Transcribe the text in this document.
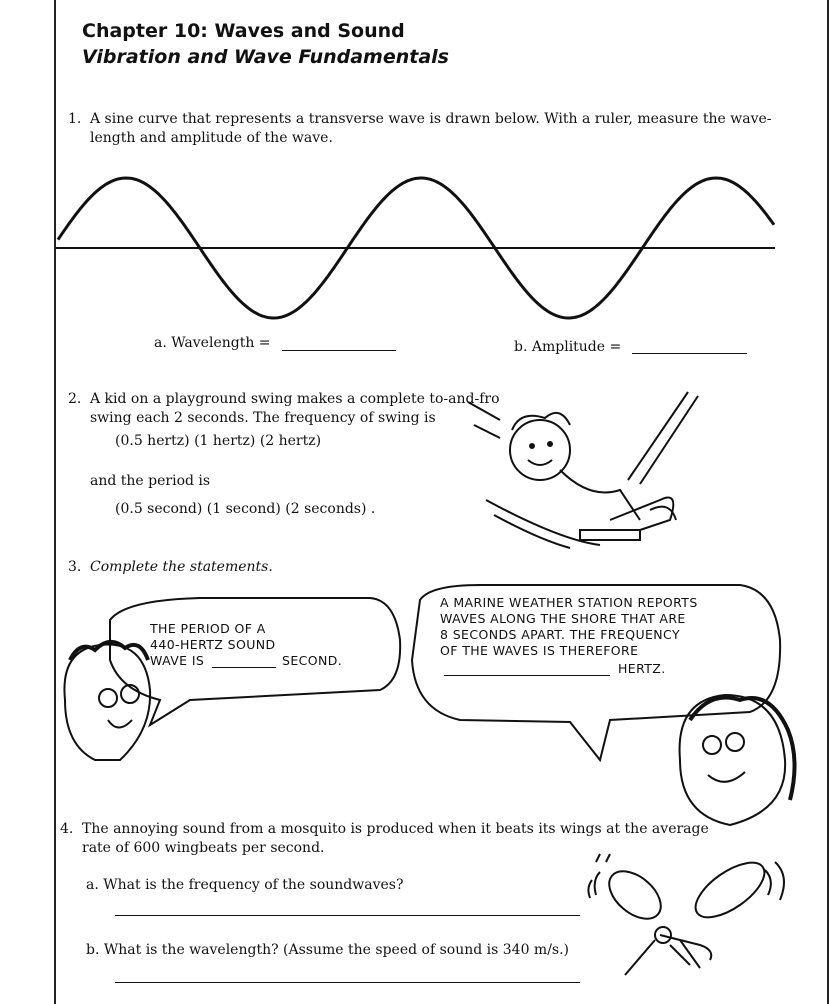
Chapter 10: Waves and Sound
Vibration and Wave Fundamentals
1. A sine curve that represents a transverse wave is drawn below. With a ruler, measure the wave-
length and amplitude of the wave.
a. Wavelength =	b. Amplitude =
2. A kid on a playground swing makes a complete to-and-fro
swing each 2 seconds. The frequency of swing is
(0.5 hertz) (1 hertz) (2 hertz)
and the period is
(0.5 second) (1 second) (2 seconds) .
3. Complete the statements.
THE PERIOD OF A
440-HERTZ SOUND
WAVE IS	SECOND.
A MARINE WEATHER STATION REPORTS
WAVES ALONG THE SHORE THAT ARE
8 SECONDS APART. THE FREQUENCY
OF THE WAVES IS THEREFORE
HERTZ.
4. The annoying sound from a mosquito is produced when it beats its wings at the average
rate of 600 wingbeats per second.
a. What is the frequency of the soundwaves?
b. What is the wavelength? (Assume the speed of sound is 340 m/s.)
